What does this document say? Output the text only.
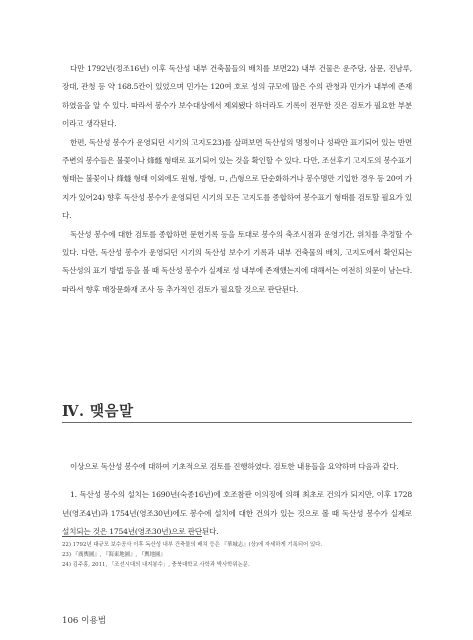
다만 1792년(정조16년) 이후 독산성 내부 건축물들의 배치를 보면22) 내부 건물은 운주당, 삼문, 진남루, 장대, 관청 등 약 168.5칸이 있었으며 민가는 120여 호로 성의 규모에 많은 수의 관청과 민가가 내부에 존재하였음을 알 수 있다. 따라서 봉수가 보수대상에서 제외됐다 하더라도 기록이 전무한 것은 검토가 필요한 부분이라고 생각된다.

한편, 독산성 봉수가 운영되던 시기의 고지도23)를 살펴보면 독산성의 명칭이나 성곽만 표기되어 있는 반면 주변의 봉수들은 불꽃이나 烽燧 형태로 표기되어 있는 것을 확인할 수 있다. 다만, 조선후기 고지도의 봉수표기 형태는 불꽃이나 烽燧 형태 이외에도 원형, 방형, ㅁ, 凸형으로 단순화하거나 봉수명만 기입한 경우 등 20여 가지가 있어24) 향후 독산성 봉수가 운영되던 시기의 모든 고지도를 종합하여 봉수표기 형태를 검토할 필요가 있다.

독산성 봉수에 대한 검토를 종합하면 문헌기록 등을 토대로 봉수의 축조시점과 운영기간, 위치를 추정할 수 있다. 다만, 독산성 봉수가 운영되던 시기의 독산성 보수기 기록과 내부 건축물의 배치, 고지도에서 확인되는 독산성의 표기 방법 등을 볼 때 독산성 봉수가 실제로 성 내부에 존재했는지에 대해서는 여전히 의문이 남는다. 따라서 향후 매장문화재 조사 등 추가적인 검토가 필요할 것으로 판단된다.

Ⅳ. 맺음말

이상으로 독산성 봉수에 대하여 기초적으로 검토를 진행하였다. 검토한 내용들을 요약하며 다음과 같다.

1. 독산성 봉수의 설치는 1690년(숙종16년)에 호조참판 이의징에 의해 최초로 건의가 되지만, 이후 1728년(영조4년)과 1754년(영조30년)에도 봉수에 설치에 대한 건의가 있는 것으로 볼 때 독산성 봉수가 실제로 설치되는 것은 1754년(영조30년)으로 판단된다.

22) 1792년 대규모 보수공사 이후 독산성 내부 건축물의 배치 등은 『華城志』(상)에 자세하게 기록되어 있다.

23) 『廣輿圖』, 『海東地圖』, 『輿地圖』

24) 김주홍, 2011, 「조선시대의 내지봉수」, 충북대학교 사학과 박사학위논문.

106 이용범
